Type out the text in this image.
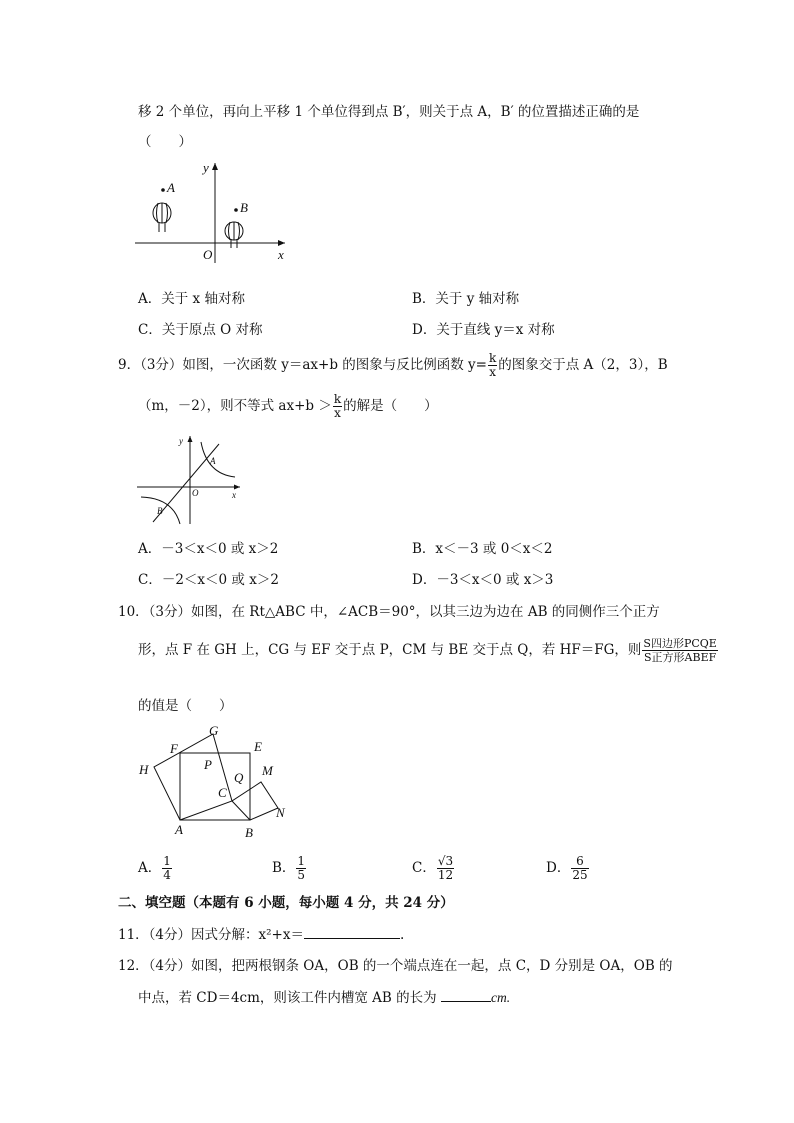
移 2 个单位，再向上平移 1 个单位得到点 B′，则关于点 A，B′ 的位置描述正确的是
（　　）
A
B
O	x
y
A．关于 x 轴对称	B．关于 y 轴对称
C．关于原点 O 对称	D．关于直线 y＝x 对称
9．（3分）如图，一次函数 y＝ax+b 的图象与反比例函数 $y= \frac{k}{x}$ 的图象交于点 A（2，3），B
（m，－2），则不等式 $ax+b > \frac{k}{x}$ 的解是（　　）
y
A
O	x
B
A．－3＜x＜0 或 x＞2	B．x＜－3 或 0＜x＜2
C．－2＜x＜0 或 x＞2	D．－3＜x＜0 或 x＞3
10．（3分）如图，在 Rt△ABC 中，∠ACB＝90°，以其三边为边在 AB 的同侧作三个正方
形，点 F 在 GH 上，CG 与 EF 交于点 P，CM 与 BE 交于点 Q，若 HF＝FG，则 $\frac{\text{S四边形PCQE}}{\text{S正方形ABEF}}$
的值是（　　）
F
G
E
H	P
Q M
C
A	B
N
A． $\frac{1}{4}$	B． $\frac{1}{5}$	C． $\frac{√3}{12}$	D． $\frac{6}{25}$
二、填空题（本题有 6 小题，每小题 4 分，共 24 分）
11．（4分）因式分解：x²+x＝	.
12．（4分）如图，把两根钢条 OA，OB 的一个端点连在一起，点 C，D 分别是 OA，OB 的
中点，若 CD＝4cm，则该工件内槽宽 AB 的长为	cm.
